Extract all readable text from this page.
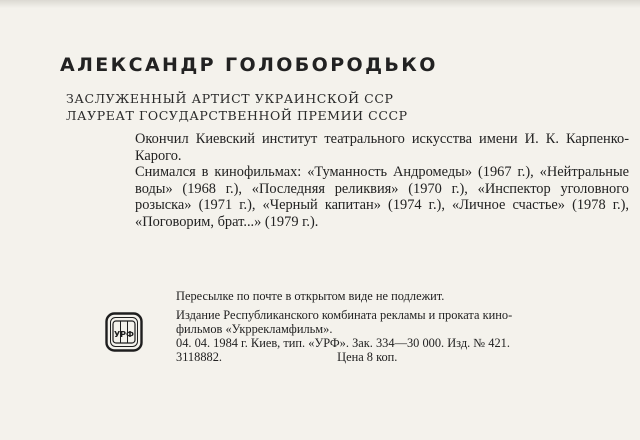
АЛЕКСАНДР ГОЛОБОРОДЬКО
ЗАСЛУЖЕННЫЙ АРТИСТ УКРАИНСКОЙ ССР
ЛАУРЕАТ ГОСУДАРСТВЕННОЙ ПРЕМИИ СССР

Окончил Киевский институт театрального искусства имени И. К. Карпенко-Карого.

Снимался в кинофильмах: «Туманность Андромеды» (1967 г.), «Нейтральные воды» (1968 г.), «Последняя реликвия» (1970 г.), «Инспектор уголовного розыска» (1971 г.), «Черный капитан» (1974 г.), «Личное счастье» (1978 г.), «Поговорим, брат...» (1979 г.).

Пересылке по почте в открытом виде не подлежит.
УРФ
Издание Республиканского комбината рекламы и проката кино-
фильмов «Укрреклaмфильм».
04. 04. 1984 г. Киев, тип. «УРФ». Зак. 334—30 000. Изд. № 421.
3118882.	Цена 8 коп.
